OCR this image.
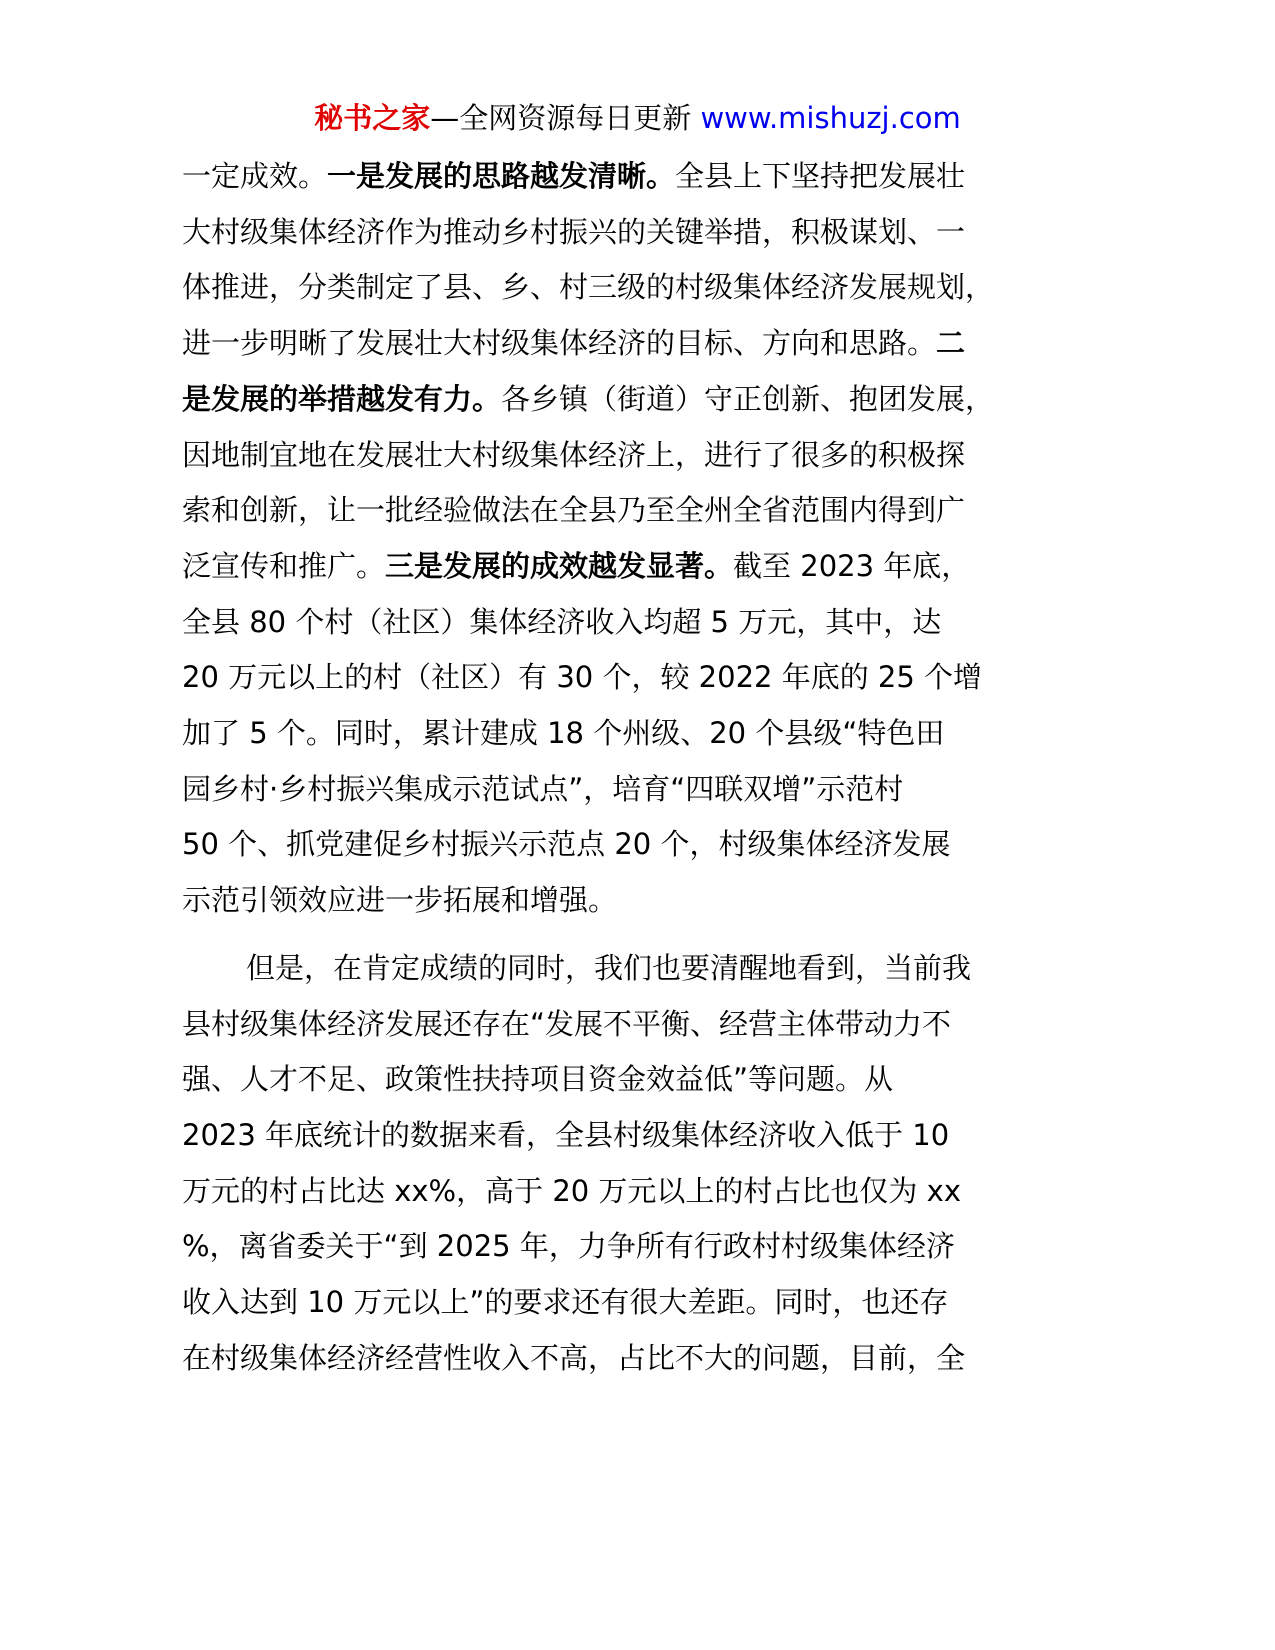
秘书之家—全网资源每日更新 www.mishuzj.com

一定成效。一是发展的思路越发清晰。全县上下坚持把发展壮
大村级集体经济作为推动乡村振兴的关键举措，积极谋划、一
体推进，分类制定了县、乡、村三级的村级集体经济发展规划，
进一步明晰了发展壮大村级集体经济的目标、方向和思路。二
是发展的举措越发有力。各乡镇（街道）守正创新、抱团发展，
因地制宜地在发展壮大村级集体经济上，进行了很多的积极探
索和创新，让一批经验做法在全县乃至全州全省范围内得到广
泛宣传和推广。三是发展的成效越发显著。截至 2023 年底，
全县 80 个村（社区）集体经济收入均超 5 万元，其中，达
20 万元以上的村（社区）有 30 个，较 2022 年底的 25 个增
加了 5 个。同时，累计建成 18 个州级、20 个县级“特色田
园乡村·乡村振兴集成示范试点”，培育“四联双增”示范村
50 个、抓党建促乡村振兴示范点 20 个，村级集体经济发展
示范引领效应进一步拓展和增强。

但是，在肯定成绩的同时，我们也要清醒地看到，当前我
县村级集体经济发展还存在“发展不平衡、经营主体带动力不
强、人才不足、政策性扶持项目资金效益低”等问题。从
2023 年底统计的数据来看，全县村级集体经济收入低于 10
万元的村占比达 xx%，高于 20 万元以上的村占比也仅为 xx
%，离省委关于“到 2025 年，力争所有行政村村级集体经济
收入达到 10 万元以上”的要求还有很大差距。同时，也还存
在村级集体经济经营性收入不高，占比不大的问题，目前，全
